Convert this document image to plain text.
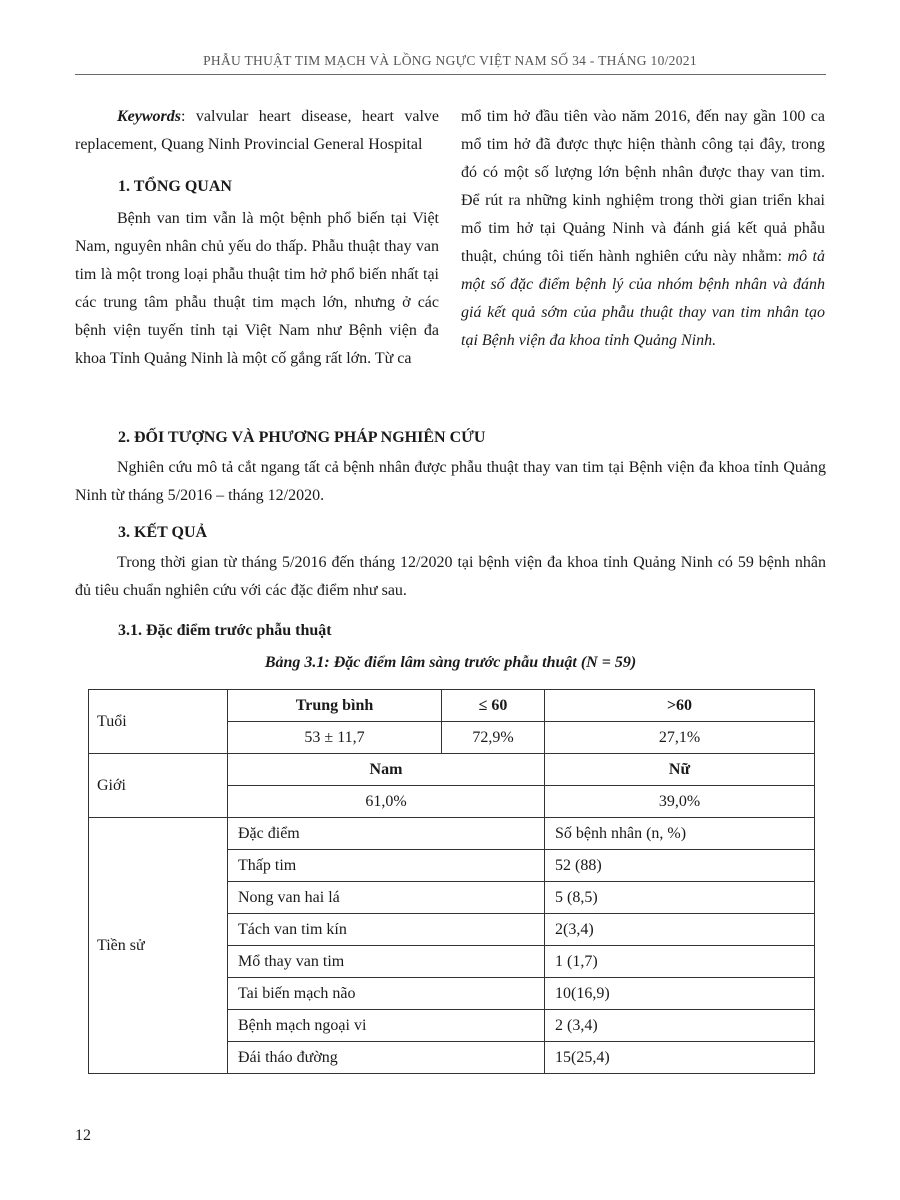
PHẪU THUẬT TIM MẠCH VÀ LỒNG NGỰC VIỆT NAM SỐ 34 - THÁNG 10/2021

Keywords: valvular heart disease, heart valve replacement, Quang Ninh Provincial General Hospital

1. TỔNG QUAN

Bệnh van tim vẫn là một bệnh phổ biến tại Việt Nam, nguyên nhân chủ yếu do thấp. Phẫu thuật thay van tim là một trong loại phẫu thuật tim hở phổ biến nhất tại các trung tâm phẫu thuật tim mạch lớn, nhưng ở các bệnh viện tuyến tỉnh tại Việt Nam như Bệnh viện đa khoa Tỉnh Quảng Ninh là một cố gắng rất lớn. Từ ca

mổ tim hở đầu tiên vào năm 2016, đến nay gần 100 ca mổ tim hở đã được thực hiện thành công tại đây, trong đó có một số lượng lớn bệnh nhân được thay van tim. Để rút ra những kinh nghiệm trong thời gian triển khai mổ tim hở tại Quảng Ninh và đánh giá kết quả phẫu thuật, chúng tôi tiến hành nghiên cứu này nhằm: mô tả một số đặc điểm bệnh lý của nhóm bệnh nhân và đánh giá kết quả sớm của phẫu thuật thay van tim nhân tạo tại Bệnh viện đa khoa tỉnh Quảng Ninh.

2. ĐỐI TƯỢNG VÀ PHƯƠNG PHÁP NGHIÊN CỨU

Nghiên cứu mô tả cắt ngang tất cả bệnh nhân được phẫu thuật thay van tim tại Bệnh viện đa khoa tỉnh Quảng Ninh từ tháng 5/2016 – tháng 12/2020.

3. KẾT QUẢ

Trong thời gian từ tháng 5/2016 đến tháng 12/2020 tại bệnh viện đa khoa tỉnh Quảng Ninh có 59 bệnh nhân đủ tiêu chuẩn nghiên cứu với các đặc điểm như sau.

3.1. Đặc điểm trước phẫu thuật

Bảng 3.1: Đặc điểm lâm sàng trước phẫu thuật (N = 59)
Tuổi	Trung bình	≤ 60	>60
	53 ± 11,7	72,9%	27,1%
Giới	Nam		Nữ
	61,0%		39,0%
Tiền sử	Đặc điểm		Số bệnh nhân (n, %)
	Thấp tim		52 (88)
	Nong van hai lá		5 (8,5)
	Tách van tim kín		2(3,4)
	Mổ thay van tim		1 (1,7)
	Tai biến mạch não		10(16,9)
	Bệnh mạch ngoại vi		2 (3,4)
	Đái tháo đường		15(25,4)
12
